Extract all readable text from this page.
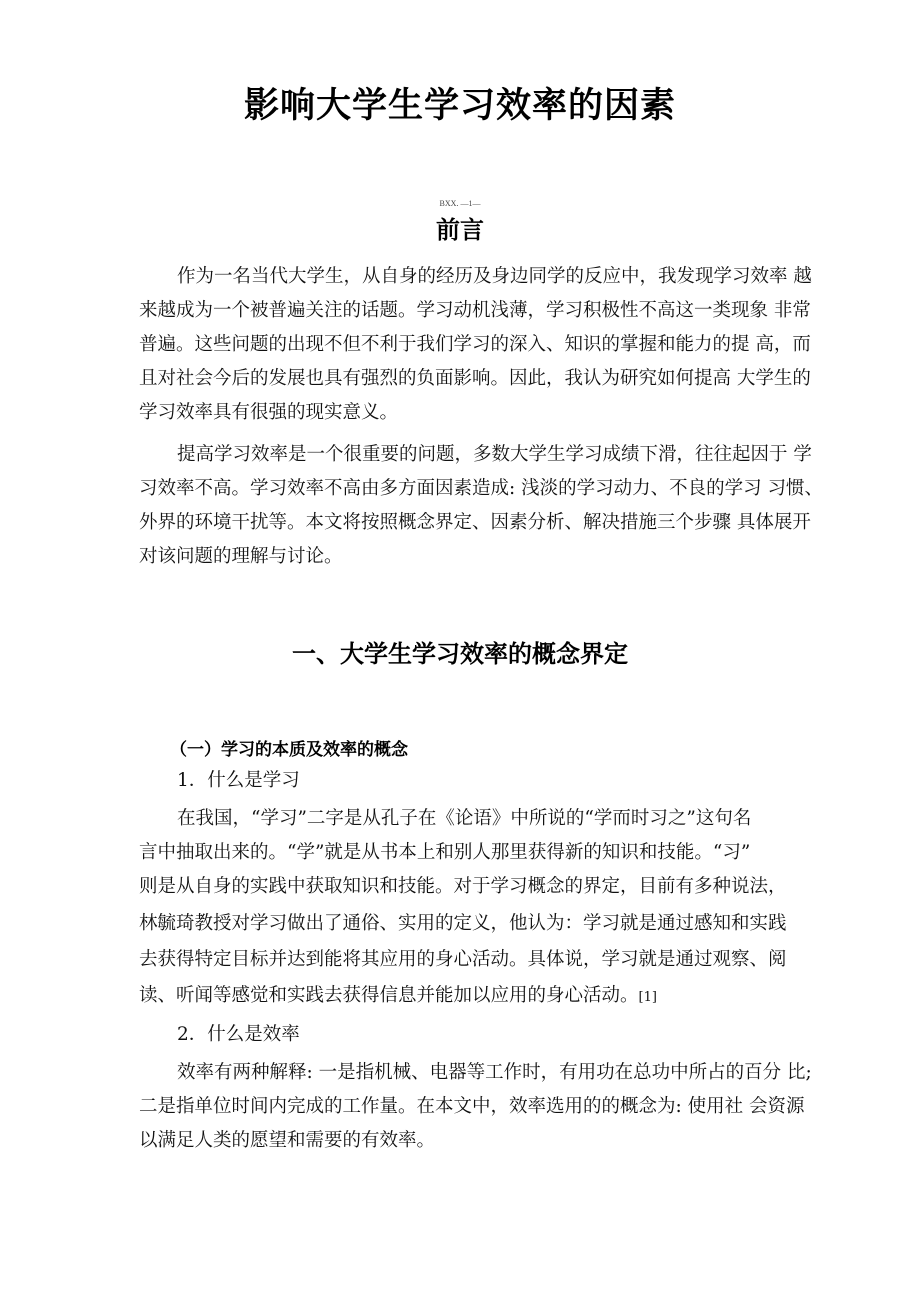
影响大学生学习效率的因素
BXX. —1—
前言
作为一名当代大学生，从自身的经历及身边同学的反应中，我发现学习效率 越
来越成为一个被普遍关注的话题。学习动机浅薄，学习积极性不高这一类现象 非常
普遍。这些问题的出现不但不利于我们学习的深入、知识的掌握和能力的提 高，而
且对社会今后的发展也具有强烈的负面影响。因此，我认为研究如何提高 大学生的
学习效率具有很强的现实意义。
提高学习效率是一个很重要的问题，多数大学生学习成绩下滑，往往起因于 学
习效率不高。学习效率不高由多方面因素造成: 浅淡的学习动力、不良的学习 习惯、
外界的环境干扰等。本文将按照概念界定、因素分析、解决措施三个步骤 具体展开
对该问题的理解与讨论。
一、大学生学习效率的概念界定
（一）学习的本质及效率的概念
1．什么是学习
在我国，“学习”二字是从孔子在《论语》中所说的“学而时习之”这句名
言中抽取出来的。“学”就是从书本上和别人那里获得新的知识和技能。“习”
则是从自身的实践中获取知识和技能。对于学习概念的界定，目前有多种说法，
林毓琦教授对学习做出了通俗、实用的定义，他认为：学习就是通过感知和实践
去获得特定目标并达到能将其应用的身心活动。具体说，学习就是通过观察、阅
读、听闻等感觉和实践去获得信息并能加以应用的身心活动。[1]
2．什么是效率
效率有两种解释: 一是指机械、电器等工作时，有用功在总功中所占的百分 比;
二是指单位时间内完成的工作量。在本文中，效率选用的的概念为: 使用社 会资源
以满足人类的愿望和需要的有效率。
